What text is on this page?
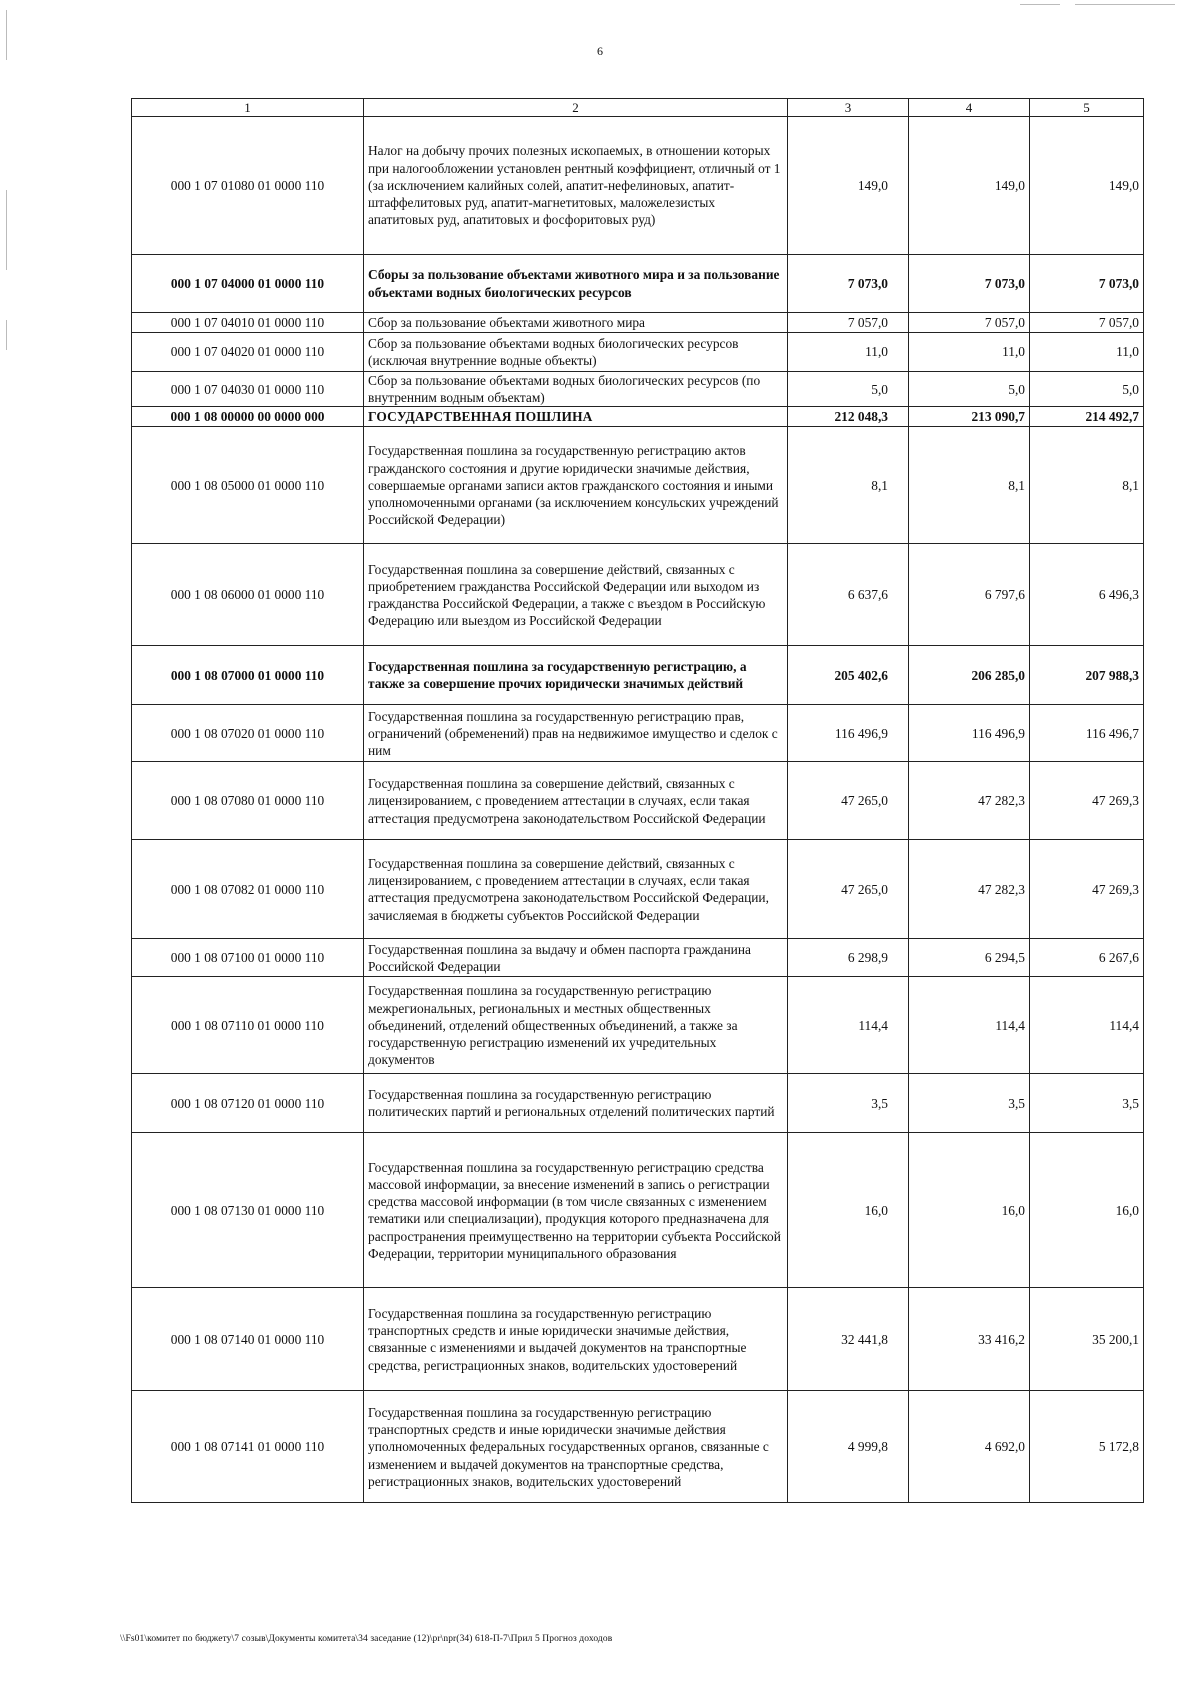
6
1	2	3	4	5
000 1 07 01080 01 0000 110	Налог на добычу прочих полезных ископаемых, в отношении которых при налогообложении установлен рентный коэффициент, отличный от 1 (за исключением калийных солей, апатит-нефелиновых, апатит-штаффелитовых руд, апатит-магнетитовых, маложелезистых апатитовых руд, апатитовых и фосфоритовых руд)	149,0	149,0	149,0
000 1 07 04000 01 0000 110	Сборы за пользование объектами животного мира и за пользование объектами водных биологических ресурсов	7 073,0	7 073,0	7 073,0
000 1 07 04010 01 0000 110	Сбор за пользование объектами животного мира	7 057,0	7 057,0	7 057,0
000 1 07 04020 01 0000 110	Сбор за пользование объектами водных биологических ресурсов (исключая внутренние водные объекты)	11,0	11,0	11,0
000 1 07 04030 01 0000 110	Сбор за пользование объектами водных биологических ресурсов (по внутренним водным объектам)	5,0	5,0	5,0
000 1 08 00000 00 0000 000	ГОСУДАРСТВЕННАЯ ПОШЛИНА	212 048,3	213 090,7	214 492,7
000 1 08 05000 01 0000 110	Государственная пошлина за государственную регистрацию актов гражданского состояния и другие юридически значимые действия, совершаемые органами записи актов гражданского состояния и иными уполномоченными органами (за исключением консульских учреждений Российской Федерации)	8,1	8,1	8,1
000 1 08 06000 01 0000 110	Государственная пошлина за совершение действий, связанных с приобретением гражданства Российской Федерации или выходом из гражданства Российской Федерации, а также с въездом в Российскую Федерацию или выездом из Российской Федерации	6 637,6	6 797,6	6 496,3
000 1 08 07000 01 0000 110	Государственная пошлина за государственную регистрацию, а также за совершение прочих юридически значимых действий	205 402,6	206 285,0	207 988,3
000 1 08 07020 01 0000 110	Государственная пошлина за государственную регистрацию прав, ограничений (обременений) прав на недвижимое имущество и сделок с ним	116 496,9	116 496,9	116 496,7
000 1 08 07080 01 0000 110	Государственная пошлина за совершение действий, связанных с лицензированием, с проведением аттестации в случаях, если такая аттестация предусмотрена законодательством Российской Федерации	47 265,0	47 282,3	47 269,3
000 1 08 07082 01 0000 110	Государственная пошлина за совершение действий, связанных с лицензированием, с проведением аттестации в случаях, если такая аттестация предусмотрена законодательством Российской Федерации, зачисляемая в бюджеты субъектов Российской Федерации	47 265,0	47 282,3	47 269,3
000 1 08 07100 01 0000 110	Государственная пошлина за выдачу и обмен паспорта гражданина Российской Федерации	6 298,9	6 294,5	6 267,6
000 1 08 07110 01 0000 110	Государственная пошлина за государственную регистрацию межрегиональных, региональных и местных общественных объединений, отделений общественных объединений, а также за государственную регистрацию изменений их учредительных документов	114,4	114,4	114,4
000 1 08 07120 01 0000 110	Государственная пошлина за государственную регистрацию политических партий и региональных отделений политических партий	3,5	3,5	3,5
000 1 08 07130 01 0000 110	Государственная пошлина за государственную регистрацию средства массовой информации, за внесение изменений в запись о регистрации средства массовой информации (в том числе связанных с изменением тематики или специализации), продукция которого предназначена для распространения преимущественно на территории субъекта Российской Федерации, территории муниципального образования	16,0	16,0	16,0
000 1 08 07140 01 0000 110	Государственная пошлина за государственную регистрацию транспортных средств и иные юридически значимые действия, связанные с изменениями и выдачей документов на транспортные средства, регистрационных знаков, водительских удостоверений	32 441,8	33 416,2	35 200,1
000 1 08 07141 01 0000 110	Государственная пошлина за государственную регистрацию транспортных средств и иные юридически значимые действия уполномоченных федеральных государственных органов, связанные с изменением и выдачей документов на транспортные средства, регистрационных знаков, водительских удостоверений	4 999,8	4 692,0	5 172,8
\\Fs01\комитет по бюджету\7 созыв\Документы комитета\34 заседание (12)\pr\npr(34) 618-П-7\Прил 5 Прогноз доходов
